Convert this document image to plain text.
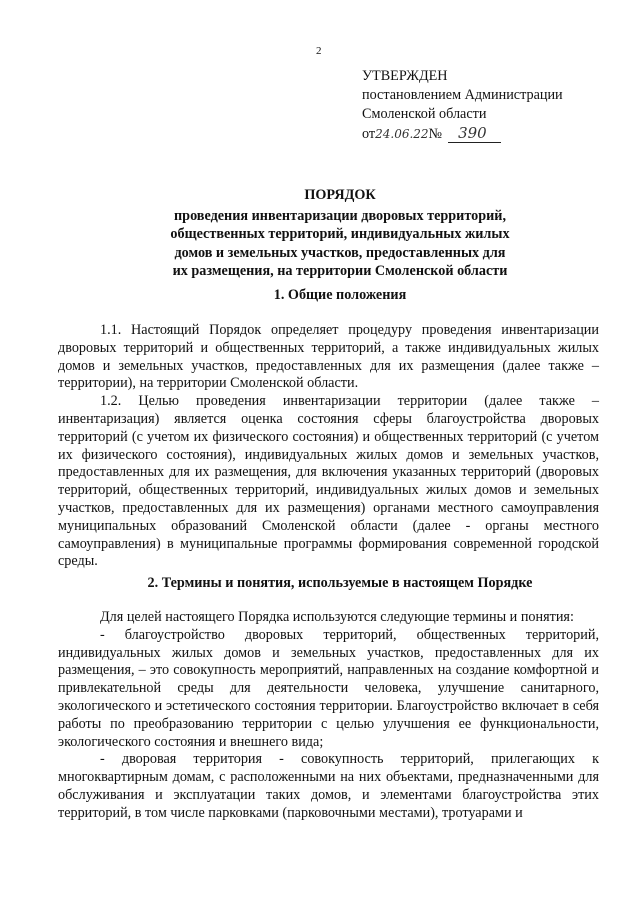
2
УТВЕРЖДЕН
постановлением Администрации
Смоленской области
от24.06.22№ 390
ПОРЯДОК
проведения инвентаризации дворовых территорий,
общественных территорий, индивидуальных жилых
домов и земельных участков, предоставленных для
их размещения, на территории Смоленской области
1. Общие положения

1.1. Настоящий Порядок определяет процедуру проведения инвентаризации дворовых территорий и общественных территорий, а также индивидуальных жилых домов и земельных участков, предоставленных для их размещения (далее также – территории), на территории Смоленской области.

1.2. Целью проведения инвентаризации территории (далее также – инвентаризация) является оценка состояния сферы благоустройства дворовых территорий (с учетом их физического состояния) и общественных территорий (с учетом их физического состояния), индивидуальных жилых домов и земельных участков, предоставленных для их размещения, для включения указанных территорий (дворовых территорий, общественных территорий, индивидуальных жилых домов и земельных участков, предоставленных для их размещения) органами местного самоуправления муниципальных образований Смоленской области (далее - органы местного самоуправления) в муниципальные программы формирования современной городской среды.

2. Термины и понятия, используемые в настоящем Порядке

Для целей настоящего Порядка используются следующие термины и понятия:

- благоустройство дворовых территорий, общественных территорий, индивидуальных жилых домов и земельных участков, предоставленных для их размещения, – это совокупность мероприятий, направленных на создание комфортной и привлекательной среды для деятельности человека, улучшение санитарного, экологического и эстетического состояния территории. Благоустройство включает в себя работы по преобразованию территории с целью улучшения ее функциональности, экологического состояния и внешнего вида;

- дворовая территория - совокупность территорий, прилегающих к многоквартирным домам, с расположенными на них объектами, предназначенными для обслуживания и эксплуатации таких домов, и элементами благоустройства этих территорий, в том числе парковками (парковочными местами), тротуарами и
